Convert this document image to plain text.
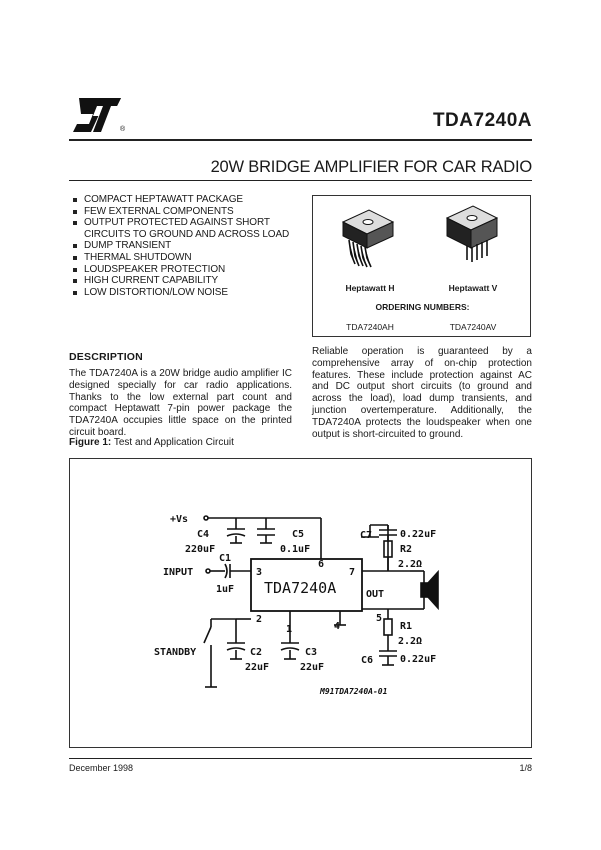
®	TDA7240A
20W BRIDGE AMPLIFIER FOR CAR RADIO
COMPACT HEPTAWATT PACKAGE
FEW EXTERNAL COMPONENTS
OUTPUT PROTECTED AGAINST SHORT CIRCUITS TO GROUND AND ACROSS LOAD
DUMP TRANSIENT
THERMAL SHUTDOWN
LOUDSPEAKER PROTECTION
HIGH CURRENT CAPABILITY
LOW DISTORTION/LOW NOISE	Heptawatt H	Heptawatt V
ORDERING NUMBERS:
TDA7240AH	TDA7240AV
DESCRIPTION

The TDA7240A is a 20W bridge audio amplifier IC designed specially for car radio applications. Thanks to the low external part count and compact Heptawatt 7-pin power package the TDA7240A occupies little space on the printed circuit board.

Reliable operation is guaranteed by a comprehensive array of on-chip protection features. These include protection against AC and DC output short circuits (to ground and across the load), load dump transients, and junction overtemperature. Additionally, the TDA7240A protects the loudspeaker when one output is short-circuited to ground.

Figure 1: Test and Application Circuit
+Vs
C4
220uF
C5
0.1uF
C1
1uF
INPUT
TDA7240A
3
6
7
2
1	4
5
OUT
C7	0.22uF
R2
2.2Ω
R1
2.2Ω
C6	0.22uF
STANDBY	C2
22uF
C3
22uF
M91TDA7240A-01
December 1998	1/8
